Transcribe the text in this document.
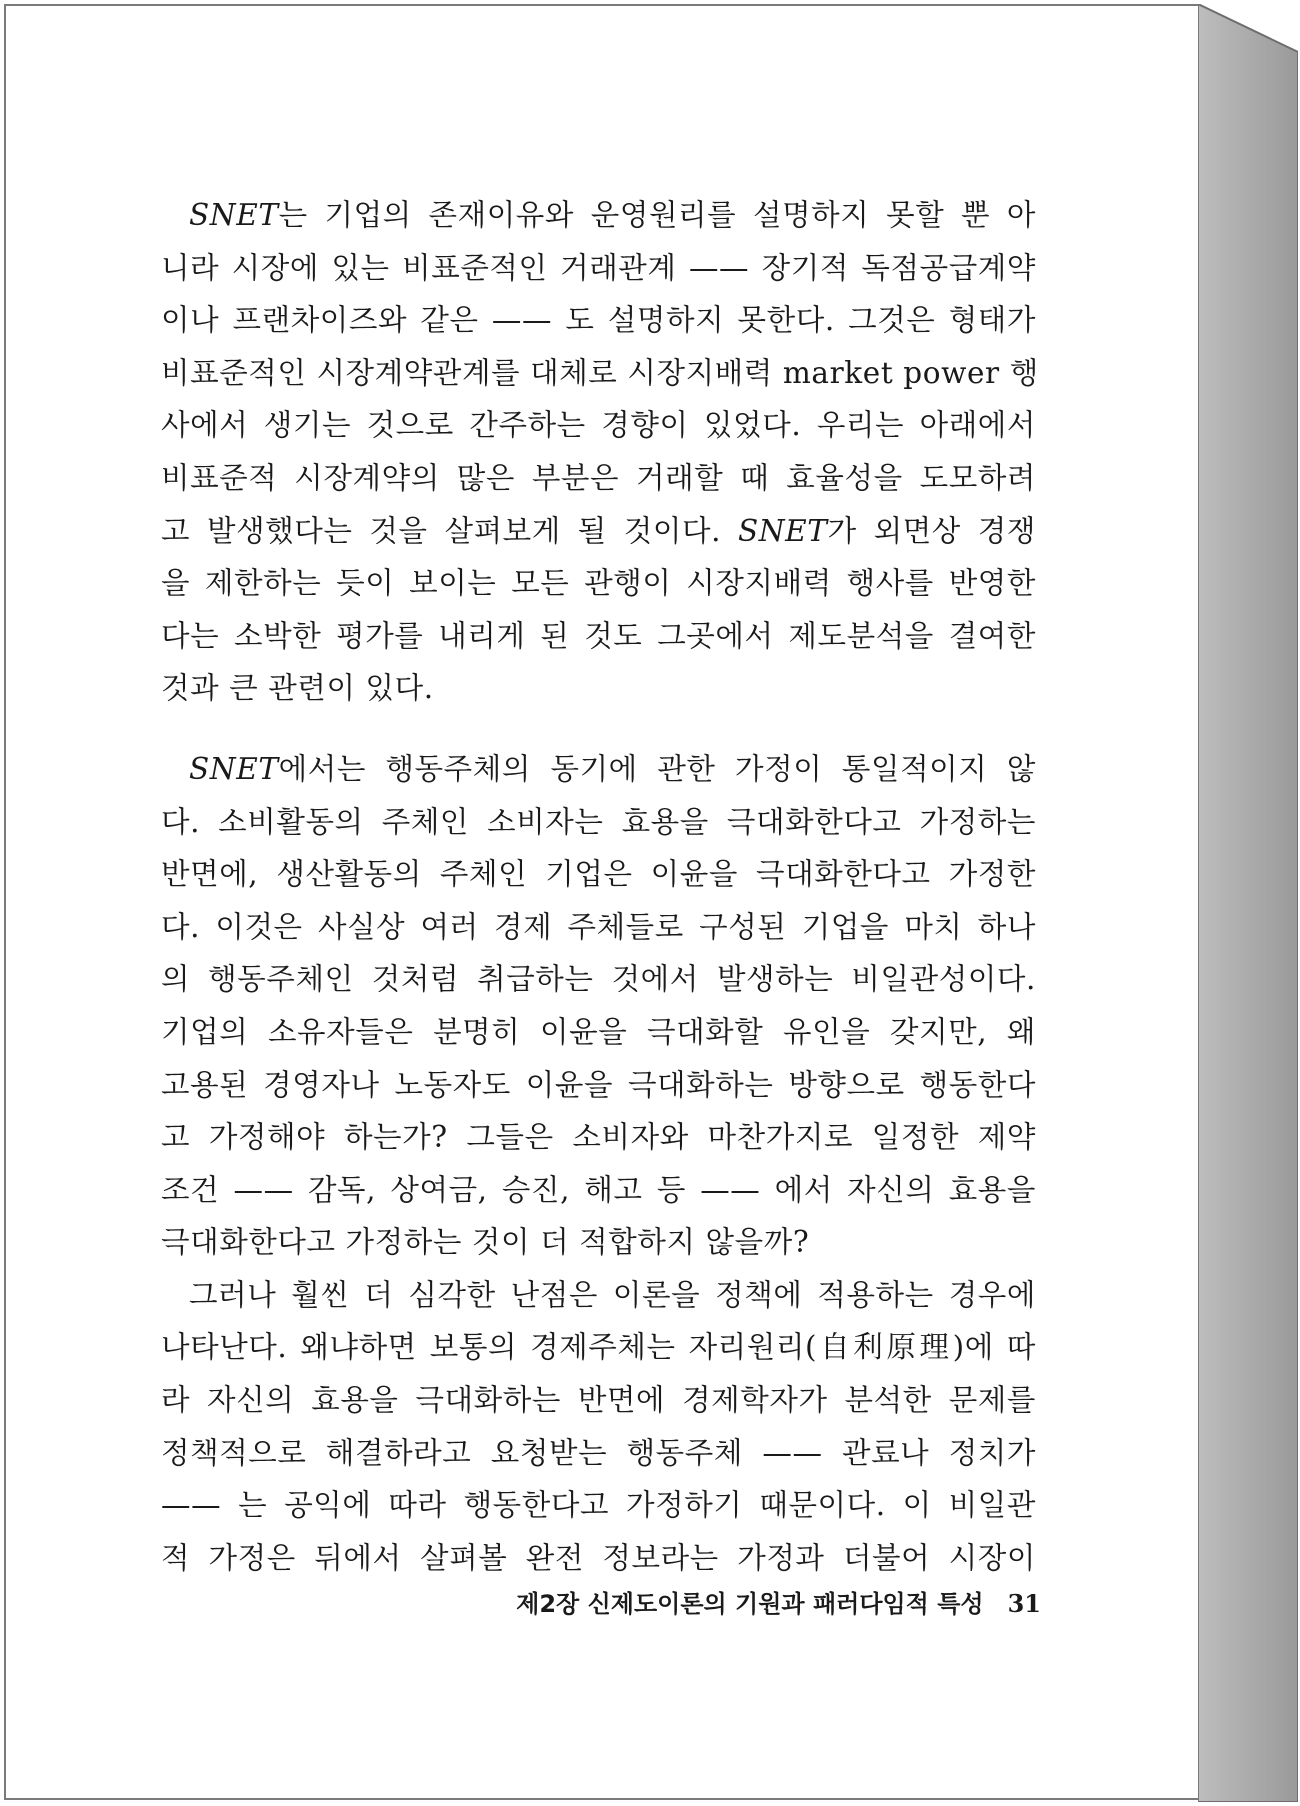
SNET는 기업의 존재이유와 운영원리를 설명하지 못할 뿐 아
니라 시장에 있는 비표준적인 거래관계 —— 장기적 독점공급계약
이나 프랜차이즈와 같은 —— 도 설명하지 못한다. 그것은 형태가
비표준적인 시장계약관계를 대체로 시장지배력 market power 행
사에서 생기는 것으로 간주하는 경향이 있었다. 우리는 아래에서
비표준적 시장계약의 많은 부분은 거래할 때 효율성을 도모하려
고 발생했다는 것을 살펴보게 될 것이다. SNET가 외면상 경쟁
을 제한하는 듯이 보이는 모든 관행이 시장지배력 행사를 반영한
다는 소박한 평가를 내리게 된 것도 그곳에서 제도분석을 결여한
것과 큰 관련이 있다.
SNET에서는 행동주체의 동기에 관한 가정이 통일적이지 않
다. 소비활동의 주체인 소비자는 효용을 극대화한다고 가정하는
반면에, 생산활동의 주체인 기업은 이윤을 극대화한다고 가정한
다. 이것은 사실상 여러 경제 주체들로 구성된 기업을 마치 하나
의 행동주체인 것처럼 취급하는 것에서 발생하는 비일관성이다.
기업의 소유자들은 분명히 이윤을 극대화할 유인을 갖지만, 왜
고용된 경영자나 노동자도 이윤을 극대화하는 방향으로 행동한다
고 가정해야 하는가? 그들은 소비자와 마찬가지로 일정한 제약
조건 —— 감독, 상여금, 승진, 해고 등 —— 에서 자신의 효용을
극대화한다고 가정하는 것이 더 적합하지 않을까?
그러나 훨씬 더 심각한 난점은 이론을 정책에 적용하는 경우에
나타난다. 왜냐하면 보통의 경제주체는 자리원리(自利原理)에 따
라 자신의 효용을 극대화하는 반면에 경제학자가 분석한 문제를
정책적으로 해결하라고 요청받는 행동주체 —— 관료나 정치가
—— 는 공익에 따라 행동한다고 가정하기 때문이다. 이 비일관
적 가정은 뒤에서 살펴볼 완전 정보라는 가정과 더불어 시장이
제2장 신제도이론의 기원과 패러다임적 특성 31
